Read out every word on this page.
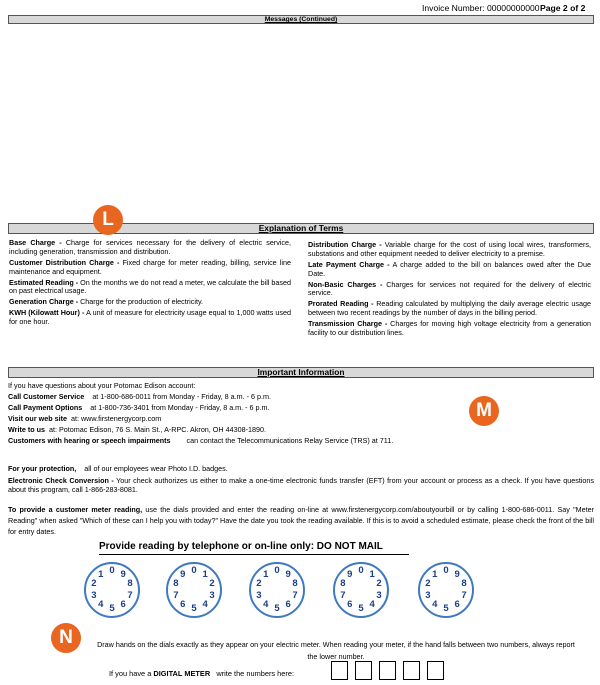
Invoice Number: 00000000000 Page 2 of 2
Messages (Continued)
Explanation of Terms
L
Base Charge - Charge for services necessary for the delivery of electric service, including generation, transmission and distribution.
Customer Distribution Charge - Fixed charge for meter reading, billing, service line maintenance and equipment.
Estimated Reading - On the months we do not read a meter, we calculate the bill based on past electrical usage.
Generation Charge - Charge for the production of electricity.
KWH (Kilowatt Hour) - A unit of measure for electricity usage equal to 1,000 watts used for one hour.
Distribution Charge - Variable charge for the cost of using local wires, transformers, substations and other equipment needed to deliver electricity to a premise.
Late Payment Charge - A charge added to the bill on balances owed after the Due Date.
Non-Basic Charges - Charges for services not required for the delivery of electric service.
Prorated Reading - Reading calculated by multiplying the daily average electric usage between two recent readings by the number of days in the billing period.
Transmission Charge - Charges for moving high voltage electricity from a generation facility to our distribution lines.
Important Information
M

If you have questions about your Potomac Edison account:

Call Customer Service at 1-800-686-0011 from Monday - Friday, 8 a.m. - 6 p.m.

Call Payment Options at 1-800-736-3401 from Monday - Friday, 8 a.m. - 6 p.m.

Visit our web site at: www.firstenergycorp.com

Write to us at: Potomac Edison, 76 S. Main St., A-RPC. Akron, OH 44308-1890.

Customers with hearing or speech impairments can contact the Telecommunications Relay Service (TRS) at 711.

For your protection, all of our employees wear Photo I.D. badges.

Electronic Check Conversion - Your check authorizes us either to make a one-time electronic funds transfer (EFT) from your account or process as a check. If you have questions about this program, call 1-866-283-8081.

To provide a customer meter reading, use the dials provided and enter the reading on-line at www.firstenergycorp.com/aboutyourbill or by calling 1-800-686-0011. Say "Meter Reading" when asked "Which of these can I help you with today?" Have the date you took the reading available. If this is to avoid a scheduled estimate, please check the front of the bill for entry dates.

Provide reading by telephone or on-line only: DO NOT MAIL
N
0 9
8
7
6
5
4
3
2
1	0 1
2
3
4
5
6
7
8
9	0 9
8
7
6
5
4
3
2
1	0 1
2
3
4
5
6
7
8
9	0 9
8
7
6
5
4
3
2
1
Draw hands on the dials exactly as they appear on your electric meter. When reading your meter, if the hand falls between two numbers, always report the lower number.
If you have a DIGITAL METER write the numbers here:
